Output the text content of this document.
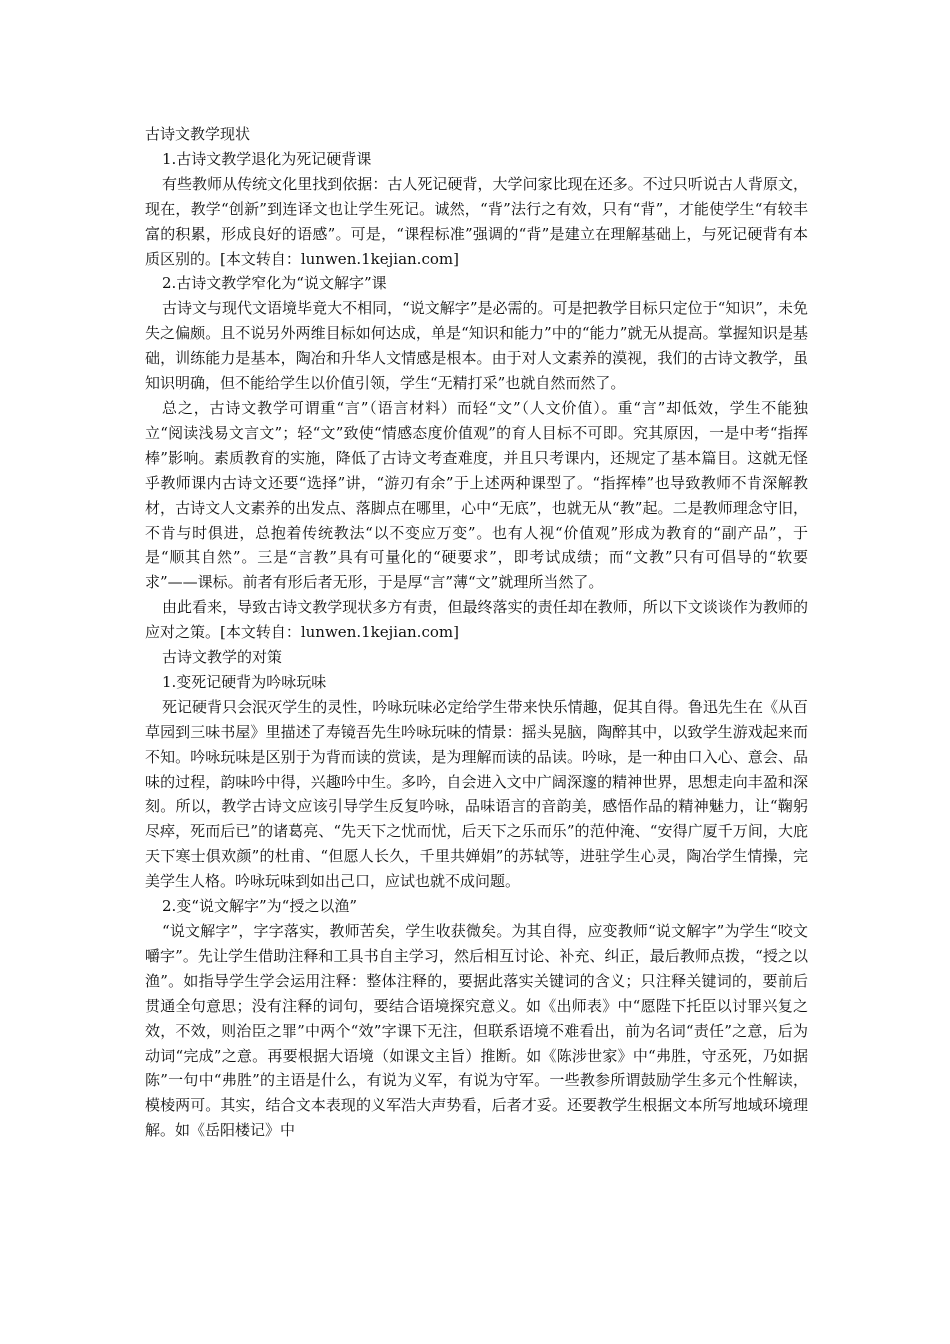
古诗文教学现状

1.古诗文教学退化为死记硬背课

有些教师从传统文化里找到依据：古人死记硬背，大学问家比现在还多。不过只听说古人背原文，现在，教学“创新”到连译文也让学生死记。诚然，“背”法行之有效，只有“背”，才能使学生“有较丰富的积累，形成良好的语感”。可是，“课程标准”强调的“背”是建立在理解基础上，与死记硬背有本质区别的。[本文转自：lunwen.1kejian.com]

2.古诗文教学窄化为“说文解字”课

古诗文与现代文语境毕竟大不相同，“说文解字”是必需的。可是把教学目标只定位于“知识”，未免失之偏颇。且不说另外两维目标如何达成，单是“知识和能力”中的“能力”就无从提高。掌握知识是基础，训练能力是基本，陶冶和升华人文情感是根本。由于对人文素养的漠视，我们的古诗文教学，虽知识明确，但不能给学生以价值引领，学生“无精打采”也就自然而然了。

总之，古诗文教学可谓重“言”（语言材料）而轻“文”（人文价值）。重“言”却低效，学生不能独立“阅读浅易文言文”；轻“文”致使“情感态度价值观”的育人目标不可即。究其原因，一是中考“指挥棒”影响。素质教育的实施，降低了古诗文考查难度，并且只考课内，还规定了基本篇目。这就无怪乎教师课内古诗文还要“选择”讲，“游刃有余”于上述两种课型了。“指挥棒”也导致教师不肯深解教材，古诗文人文素养的出发点、落脚点在哪里，心中“无底”，也就无从“教”起。二是教师理念守旧，不肯与时俱进，总抱着传统教法“以不变应万变”。也有人视“价值观”形成为教育的“副产品”，于是“顺其自然”。三是“言教”具有可量化的“硬要求”，即考试成绩；而“文教”只有可倡导的“软要求”——课标。前者有形后者无形，于是厚“言”薄“文”就理所当然了。

由此看来，导致古诗文教学现状多方有责，但最终落实的责任却在教师，所以下文谈谈作为教师的应对之策。[本文转自：lunwen.1kejian.com]

古诗文教学的对策

1.变死记硬背为吟咏玩味

死记硬背只会泯灭学生的灵性，吟咏玩味必定给学生带来快乐情趣，促其自得。鲁迅先生在《从百草园到三味书屋》里描述了寿镜吾先生吟咏玩味的情景：摇头晃脑，陶醉其中，以致学生游戏起来而不知。吟咏玩味是区别于为背而读的赏读，是为理解而读的品读。吟咏，是一种由口入心、意会、品味的过程，韵味吟中得，兴趣吟中生。多吟，自会进入文中广阔深邃的精神世界，思想走向丰盈和深刻。所以，教学古诗文应该引导学生反复吟咏，品味语言的音韵美，感悟作品的精神魅力，让“鞠躬尽瘁，死而后已”的诸葛亮、“先天下之忧而忧，后天下之乐而乐”的范仲淹、“安得广厦千万间，大庇天下寒士俱欢颜”的杜甫、“但愿人长久，千里共婵娟”的苏轼等，进驻学生心灵，陶冶学生情操，完美学生人格。吟咏玩味到如出己口，应试也就不成问题。

2.变“说文解字”为“授之以渔”

“说文解字”，字字落实，教师苦矣，学生收获微矣。为其自得，应变教师“说文解字”为学生“咬文嚼字”。先让学生借助注释和工具书自主学习，然后相互讨论、补充、纠正，最后教师点拨，“授之以渔”。如指导学生学会运用注释：整体注释的，要据此落实关键词的含义；只注释关键词的，要前后贯通全句意思；没有注释的词句，要结合语境探究意义。如《出师表》中“愿陛下托臣以讨罪兴复之效，不效，则治臣之罪”中两个“效”字课下无注，但联系语境不难看出，前为名词“责任”之意，后为动词“完成”之意。再要根据大语境（如课文主旨）推断。如《陈涉世家》中“弗胜，守丞死，乃如据陈”一句中“弗胜”的主语是什么，有说为义军，有说为守军。一些教参所谓鼓励学生多元个性解读，模棱两可。其实，结合文本表现的义军浩大声势看，后者才妥。还要教学生根据文本所写地域环境理解。如《岳阳楼记》中
